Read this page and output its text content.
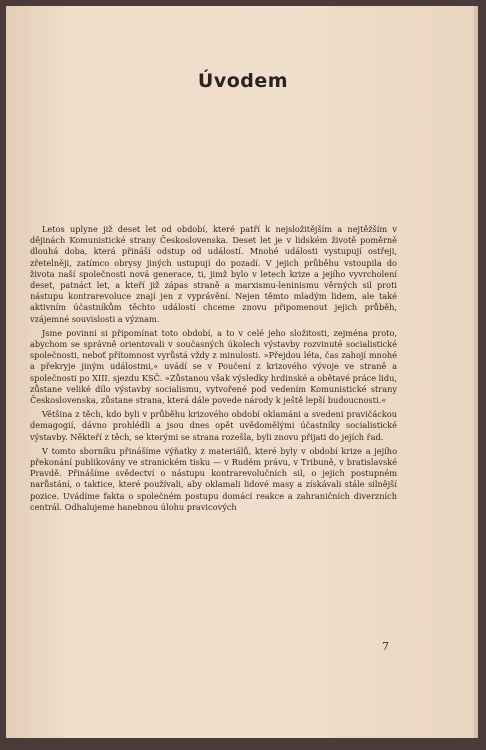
Úvodem

Letos uplyne již deset let od období, které patří k nejsložitějším a nejtěžším v dějinách Komunistické strany Československa. Deset let je v lidském životě poměrně dlouhá doba, která přináší odstup od událostí. Mnohé události vystupují ostřeji, zřetelněji, zatímco obrysy jiných ustupují do pozadí. V jejich průběhu vstoupila do života naší společnosti nová generace, ti, jimž bylo v letech krize a jejího vyvrcholení deset, patnáct let, a kteří již zápas straně a marxismu-leninismu věrných sil proti nástupu kontrarevoluce znají jen z vyprávění. Nejen těmto mladým lidem, ale také aktivním účastníkům těchto událostí chceme znovu připomenout jejich průběh, vzájemné souvislosti a význam.

Jsme povinni si připomínat toto období, a to v celé jeho složitosti, zejména proto, abychom se správně orientovali v současných úkolech výstavby rozvinuté socialistické společnosti, neboť přítomnost vyrůstá vždy z minulosti. »Přejdou léta, čas zahojí mnohé a překryje jiným událostmi,« uvádí se v Poučení z krizového vývoje ve straně a společnosti po XIII. sjezdu KSČ. »Zůstanou však výsledky hrdinské a obětavé práce lidu, zůstane veliké dílo výstavby socialismu, vytvořené pod vedením Komunistické strany Československa, zůstane strana, která dále povede národy k ještě lepší budoucnosti.«

Většina z těch, kdo byli v průběhu krizového období oklamáni a svedeni pravičáckou demagogií, dávno prohlédli a jsou dnes opět uvědomělými účastníky socialistické výstavby. Někteří z těch, se kterými se strana rozešla, byli znovu přijati do jejích řad.

V tomto sborníku přinášíme výňatky z materiálů, které byly v období krize a jejího překonání publikovány ve stranickém tisku — v Rudém právu, v Tribuně, v bratislavské Pravdě. Přinášíme svědectví o nástupu kontrarevolučních sil, o jejich postupném narůstání, o taktice, které používali, aby oklamali lidové masy a získávali stále silnější pozice. Uvádíme fakta o společném postupu domácí reakce a zahraničních diverzních centrál. Odhalujeme hanebnou úlohu pravicových

7
